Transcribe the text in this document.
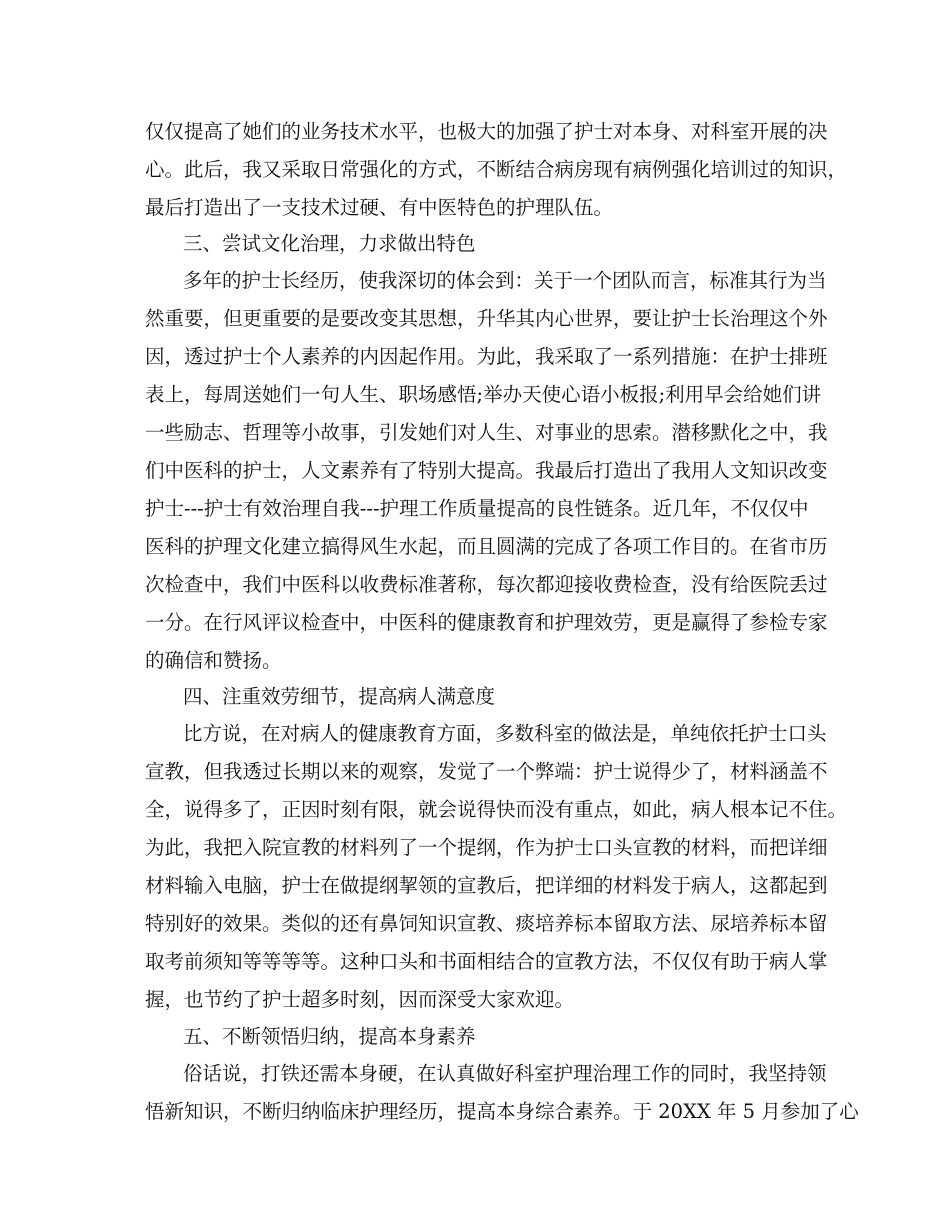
仅仅提高了她们的业务技术水平，也极大的加强了护士对本身、对科室开展的决
心。此后，我又采取日常强化的方式，不断结合病房现有病例强化培训过的知识，
最后打造出了一支技术过硬、有中医特色的护理队伍。
三、尝试文化治理，力求做出特色
多年的护士长经历，使我深切的体会到：关于一个团队而言，标准其行为当
然重要，但更重要的是要改变其思想，升华其内心世界，要让护士长治理这个外
因，透过护士个人素养的内因起作用。为此，我采取了一系列措施：在护士排班
表上，每周送她们一句人生、职场感悟;举办天使心语小板报;利用早会给她们讲
一些励志、哲理等小故事，引发她们对人生、对事业的思索。潜移默化之中，我
们中医科的护士，人文素养有了特别大提高。我最后打造出了我用人文知识改变
护士---护士有效治理自我---护理工作质量提高的良性链条。近几年，不仅仅中
医科的护理文化建立搞得风生水起，而且圆满的完成了各项工作目的。在省市历
次检查中，我们中医科以收费标准著称，每次都迎接收费检查，没有给医院丢过
一分。在行风评议检查中，中医科的健康教育和护理效劳，更是赢得了参检专家
的确信和赞扬。
四、注重效劳细节，提高病人满意度
比方说，在对病人的健康教育方面，多数科室的做法是，单纯依托护士口头
宣教，但我透过长期以来的观察，发觉了一个弊端：护士说得少了，材料涵盖不
全，说得多了，正因时刻有限，就会说得快而没有重点，如此，病人根本记不住。
为此，我把入院宣教的材料列了一个提纲，作为护士口头宣教的材料，而把详细
材料输入电脑，护士在做提纲挈领的宣教后，把详细的材料发于病人，这都起到
特别好的效果。类似的还有鼻饲知识宣教、痰培养标本留取方法、尿培养标本留
取考前须知等等等等。这种口头和书面相结合的宣教方法，不仅仅有助于病人掌
握，也节约了护士超多时刻，因而深受大家欢迎。
五、不断领悟归纳，提高本身素养
俗话说，打铁还需本身硬，在认真做好科室护理治理工作的同时，我坚持领
悟新知识，不断归纳临床护理经历，提高本身综合素养。于 20XX 年 5 月参加了心
